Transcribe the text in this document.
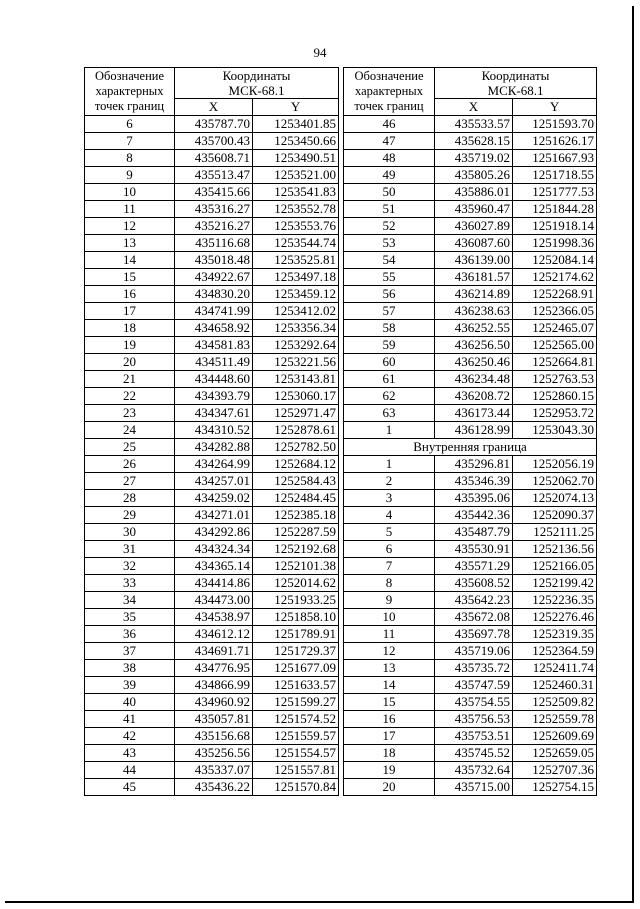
94
Обозначение
характерных
точек границ	Координаты
МСК-68.1	
	X	Y
6	435787.70	1253401.85
7	435700.43	1253450.66
8	435608.71	1253490.51
9	435513.47	1253521.00
10	435415.66	1253541.83
11	435316.27	1253552.78
12	435216.27	1253553.76
13	435116.68	1253544.74
14	435018.48	1253525.81
15	434922.67	1253497.18
16	434830.20	1253459.12
17	434741.99	1253412.02
18	434658.92	1253356.34
19	434581.83	1253292.64
20	434511.49	1253221.56
21	434448.60	1253143.81
22	434393.79	1253060.17
23	434347.61	1252971.47
24	434310.52	1252878.61
25	434282.88	1252782.50
26	434264.99	1252684.12
27	434257.01	1252584.43
28	434259.02	1252484.45
29	434271.01	1252385.18
30	434292.86	1252287.59
31	434324.34	1252192.68
32	434365.14	1252101.38
33	434414.86	1252014.62
34	434473.00	1251933.25
35	434538.97	1251858.10
36	434612.12	1251789.91
37	434691.71	1251729.37
38	434776.95	1251677.09
39	434866.99	1251633.57
40	434960.92	1251599.27
41	435057.81	1251574.52
42	435156.68	1251559.57
43	435256.56	1251554.57
44	435337.07	1251557.81
45	435436.22	1251570.84
Обозначение
характерных
точек границ	Координаты
МСК-68.1	
	X	Y
46	435533.57	1251593.70
47	435628.15	1251626.17
48	435719.02	1251667.93
49	435805.26	1251718.55
50	435886.01	1251777.53
51	435960.47	1251844.28
52	436027.89	1251918.14
53	436087.60	1251998.36
54	436139.00	1252084.14
55	436181.57	1252174.62
56	436214.89	1252268.91
57	436238.63	1252366.05
58	436252.55	1252465.07
59	436256.50	1252565.00
60	436250.46	1252664.81
61	436234.48	1252763.53
62	436208.72	1252860.15
63	436173.44	1252953.72
1	436128.99	1253043.30
Внутренняя граница		
1	435296.81	1252056.19
2	435346.39	1252062.70
3	435395.06	1252074.13
4	435442.36	1252090.37
5	435487.79	1252111.25
6	435530.91	1252136.56
7	435571.29	1252166.05
8	435608.52	1252199.42
9	435642.23	1252236.35
10	435672.08	1252276.46
11	435697.78	1252319.35
12	435719.06	1252364.59
13	435735.72	1252411.74
14	435747.59	1252460.31
15	435754.55	1252509.82
16	435756.53	1252559.78
17	435753.51	1252609.69
18	435745.52	1252659.05
19	435732.64	1252707.36
20	435715.00	1252754.15
